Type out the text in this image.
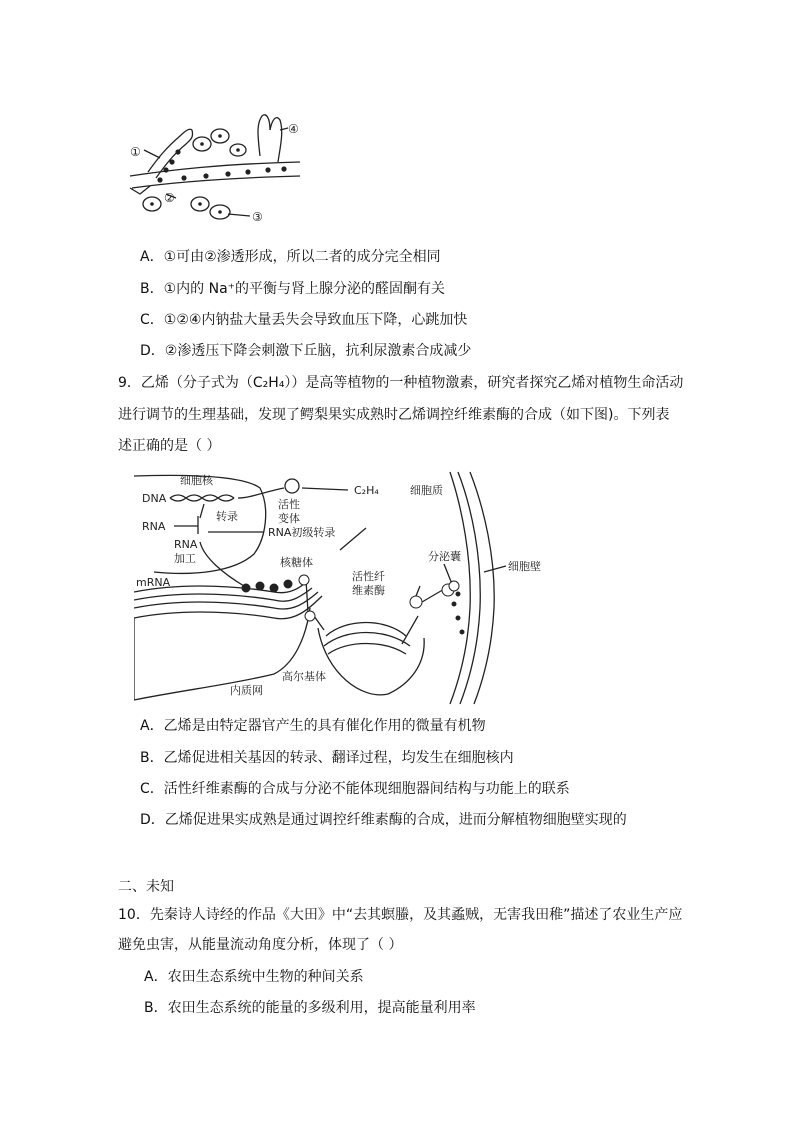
①
②
③
④
A．①可由②渗透形成，所以二者的成分完全相同
B．①内的 Na⁺的平衡与肾上腺分泌的醛固酮有关
C．①②④内钠盐大量丢失会导致血压下降，心跳加快
D．②渗透压下降会刺激下丘脑，抗利尿激素合成减少
9．乙烯（分子式为（C₂H₄））是高等植物的一种植物激素，研究者探究乙烯对植物生命活动
进行调节的生理基础，发现了鳄梨果实成熟时乙烯调控纤维素酶的合成（如下图)。下列表
述正确的是（ ）
细胞核
DNA
RNA
转录
RNA
加工
RNA初级转录
活性
变体
C₂H₄	细胞质
mRNA
核糖体	分泌囊
细胞壁
活性纤
维素酶
高尔基体
内质网
A．乙烯是由特定器官产生的具有催化作用的微量有机物
B．乙烯促进相关基因的转录、翻译过程，均发生在细胞核内
C．活性纤维素酶的合成与分泌不能体现细胞器间结构与功能上的联系
D．乙烯促进果实成熟是通过调控纤维素酶的合成，进而分解植物细胞壁实现的
二、未知
10．先秦诗人诗经的作品《大田》中“去其螟螣，及其蟊贼，无害我田稚”描述了农业生产应
避免虫害，从能量流动角度分析，体现了（ ）
A．农田生态系统中生物的种间关系
B．农田生态系统的能量的多级利用，提高能量利用率
